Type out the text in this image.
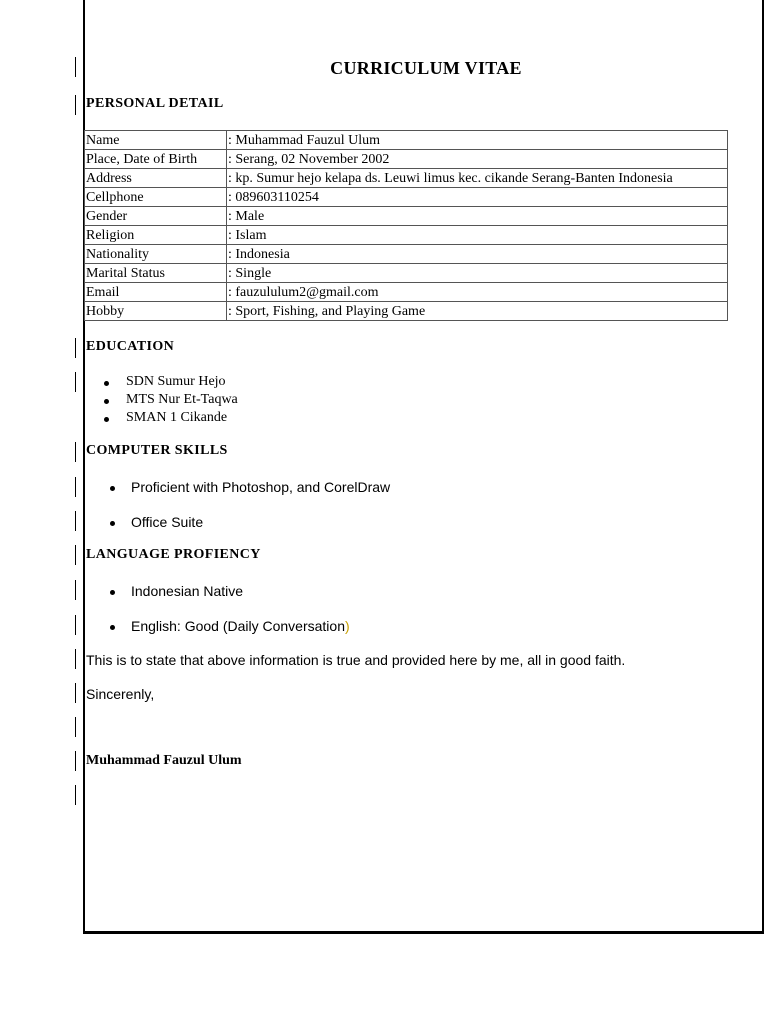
CURRICULUM VITAE
PERSONAL DETAIL
Name	: Muhammad Fauzul Ulum
Place, Date of Birth	: Serang, 02 November 2002
Address	: kp. Sumur hejo kelapa ds. Leuwi limus kec. cikande Serang-Banten Indonesia
Cellphone	: 089603110254
Gender	: Male
Religion	: Islam
Nationality	: Indonesia
Marital Status	: Single
Email	: fauzululum2@gmail.com
Hobby	: Sport, Fishing, and Playing Game
EDUCATION
SDN Sumur Hejo
MTS Nur Et-Taqwa
SMAN 1 Cikande
COMPUTER SKILLS
Proficient with Photoshop, and CorelDraw
Office Suite
LANGUAGE PROFIENCY
Indonesian Native
English: Good (Daily Conversation)
This is to state that above information is true and provided here by me, all in good faith.
Sincerenly,
Muhammad Fauzul Ulum
